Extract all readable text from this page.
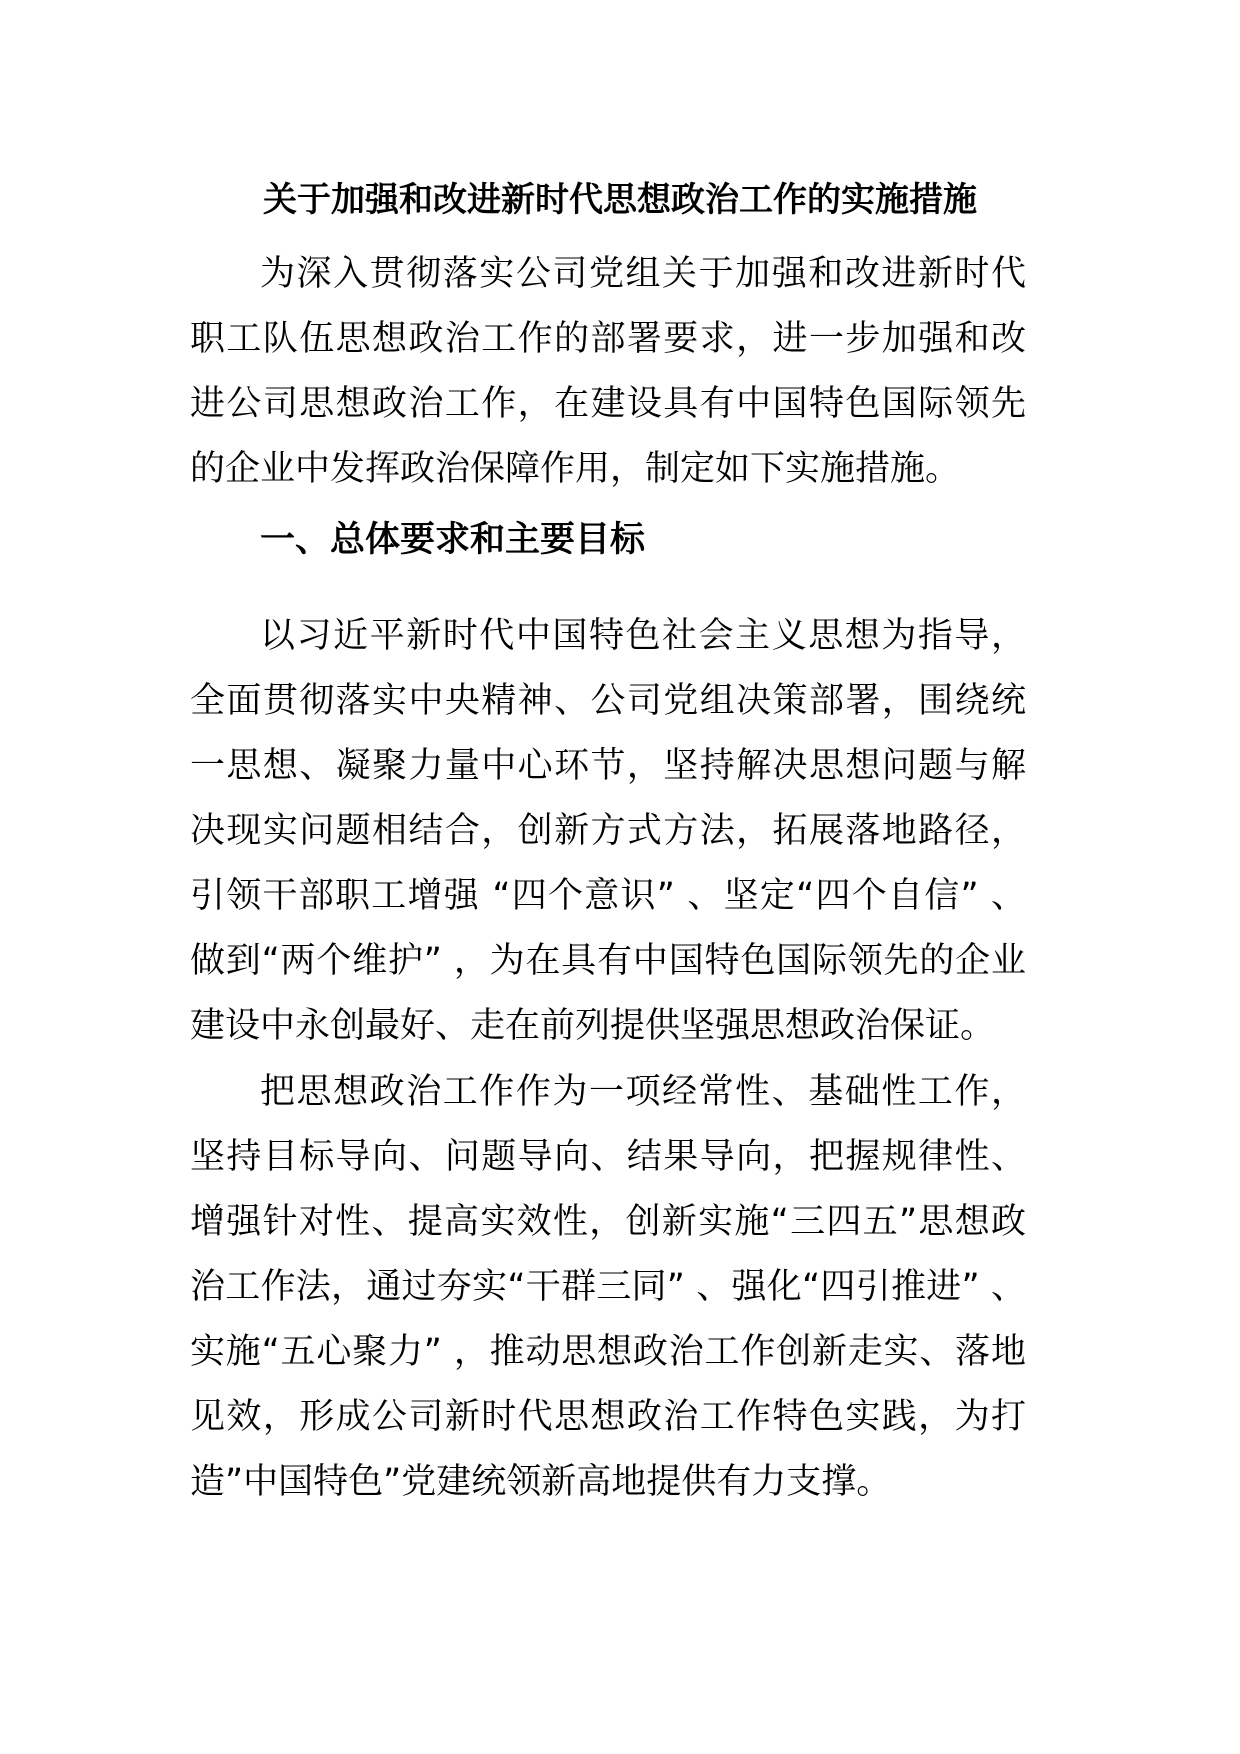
关于加强和改进新时代思想政治工作的实施措施

为深入贯彻落实公司党组关于加强和改进新时代职工队伍思想政治工作的部署要求，进一步加强和改进公司思想政治工作，在建设具有中国特色国际领先的企业中发挥政治保障作用，制定如下实施措施。

一、总体要求和主要目标

以习近平新时代中国特色社会主义思想为指导，全面贯彻落实中央精神、公司党组决策部署，围绕统一思想、凝聚力量中心环节，坚持解决思想问题与解决现实问题相结合，创新方式方法，拓展落地路径，引领干部职工增强 “四个意识” 、坚定“四个自信” 、做到“两个维护” ，为在具有中国特色国际领先的企业建设中永创最好、走在前列提供坚强思想政治保证。

把思想政治工作作为一项经常性、基础性工作，坚持目标导向、问题导向、结果导向，把握规律性、增强针对性、提高实效性，创新实施“三四五”思想政治工作法，通过夯实“干群三同” 、强化“四引推进” 、实施“五心聚力” ，推动思想政治工作创新走实、落地见效，形成公司新时代思想政治工作特色实践，为打造”中国特色”党建统领新高地提供有力支撑。
